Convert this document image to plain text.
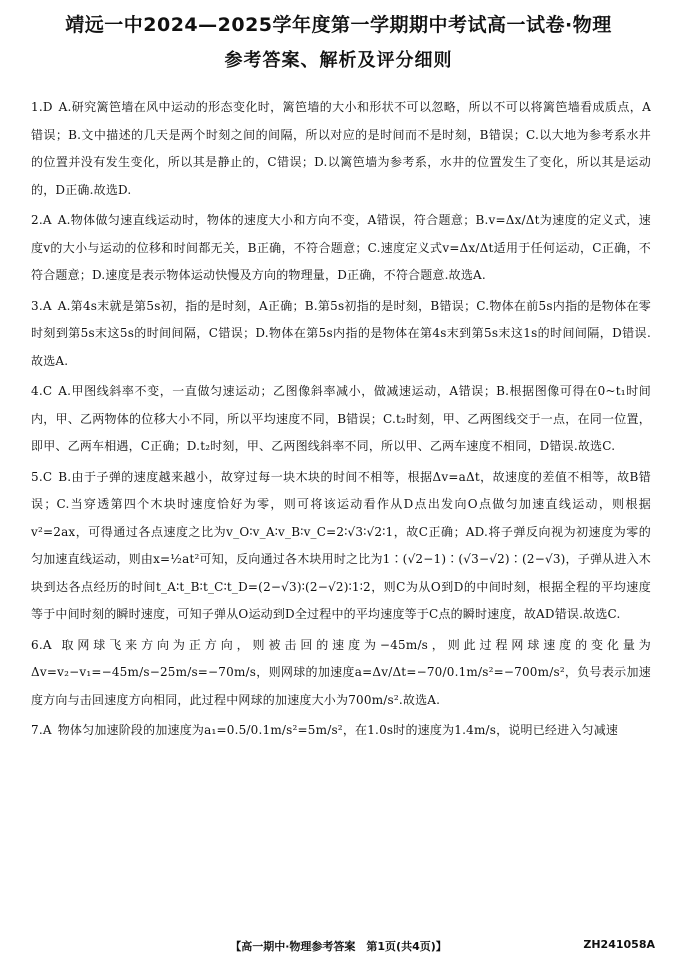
靖远一中2024—2025学年度第一学期期中考试高一试卷·物理
参考答案、解析及评分细则
1.D A.研究篱笆墙在风中运动的形态变化时，篱笆墙的大小和形状不可以忽略，所以不可以将篱笆墙看成质点，A错误；B.文中描述的几天是两个时刻之间的间隔，所以对应的是时间而不是时刻，B错误；C.以大地为参考系水井的位置并没有发生变化，所以其是静止的，C错误；D.以篱笆墙为参考系，水井的位置发生了变化，所以其是运动的，D正确.故选D.
2.A A.物体做匀速直线运动时，物体的速度大小和方向不变，A错误，符合题意；B.v=Δx/Δt为速度的定义式，速度v的大小与运动的位移和时间都无关，B正确，不符合题意；C.速度定义式v=Δx/Δt适用于任何运动，C正确，不符合题意；D.速度是表示物体运动快慢及方向的物理量，D正确，不符合题意.故选A.
3.A A.第4s末就是第5s初，指的是时刻，A正确；B.第5s初指的是时刻，B错误；C.物体在前5s内指的是物体在零时刻到第5s末这5s的时间间隔，C错误；D.物体在第5s内指的是物体在第4s末到第5s末这1s的时间间隔，D错误.故选A.
4.C A.甲图线斜率不变，一直做匀速运动；乙图像斜率减小，做减速运动，A错误；B.根据图像可得在0~t₁时间内，甲、乙两物体的位移大小不同，所以平均速度不同，B错误；C.t₂时刻，甲、乙两图线交于一点，在同一位置，即甲、乙两车相遇，C正确；D.t₂时刻，甲、乙两图线斜率不同，所以甲、乙两车速度不相同，D错误.故选C.
5.C B.由于子弹的速度越来越小，故穿过每一块木块的时间不相等，根据Δv=aΔt，故速度的差值不相等，故B错误；C.当穿透第四个木块时速度恰好为零，则可将该运动看作从D点出发向O点做匀加速直线运动，则根据v²=2ax，可得通过各点速度之比为v_O∶v_A∶v_B∶v_C=2∶√3∶√2∶1，故C正确；AD.将子弹反向视为初速度为零的匀加速直线运动，则由x=½at²可知，反向通过各木块用时之比为1∶(√2−1)∶(√3−√2)∶(2−√3)，子弹从进入木块到达各点经历的时间t_A∶t_B∶t_C∶t_D=(2−√3)∶(2−√2)∶1∶2，则C为从O到D的中间时刻，根据全程的平均速度等于中间时刻的瞬时速度，可知子弹从O运动到D全过程中的平均速度等于C点的瞬时速度，故AD错误.故选C.
6.A 取网球飞来方向为正方向，则被击回的速度为−45m/s，则此过程网球速度的变化量为Δv=v₂−v₁=−45m/s−25m/s=−70m/s，则网球的加速度a=Δv/Δt=−70/0.1m/s²=−700m/s²，负号表示加速度方向与击回速度方向相同，此过程中网球的加速度大小为700m/s².故选A.
7.A 物体匀加速阶段的加速度为a₁=0.5/0.1m/s²=5m/s²，在1.0s时的速度为1.4m/s，说明已经进入匀减速
【高一期中·物理参考答案　第1页(共4页)】	ZH241058A
